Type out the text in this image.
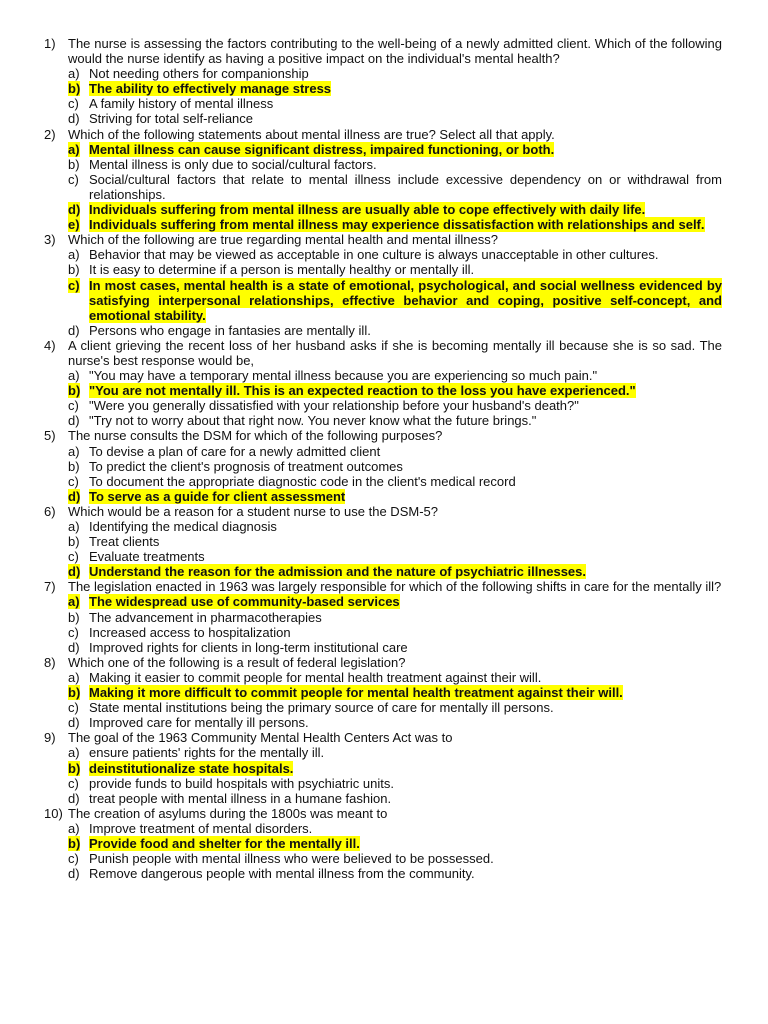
1) The nurse is assessing the factors contributing to the well-being of a newly admitted client. Which of the following would the nurse identify as having a positive impact on the individual's mental health?
a) Not needing others for companionship
b) The ability to effectively manage stress
c) A family history of mental illness
d) Striving for total self-reliance
2) Which of the following statements about mental illness are true? Select all that apply.
a) Mental illness can cause significant distress, impaired functioning, or both.
b) Mental illness is only due to social/cultural factors.
c) Social/cultural factors that relate to mental illness include excessive dependency on or withdrawal from relationships.
d) Individuals suffering from mental illness are usually able to cope effectively with daily life.
e) Individuals suffering from mental illness may experience dissatisfaction with relationships and self.
3) Which of the following are true regarding mental health and mental illness?
a) Behavior that may be viewed as acceptable in one culture is always unacceptable in other cultures.
b) It is easy to determine if a person is mentally healthy or mentally ill.
c) In most cases, mental health is a state of emotional, psychological, and social wellness evidenced by satisfying interpersonal relationships, effective behavior and coping, positive self-concept, and emotional stability.
d) Persons who engage in fantasies are mentally ill.
4) A client grieving the recent loss of her husband asks if she is becoming mentally ill because she is so sad. The nurse's best response would be,
a) "You may have a temporary mental illness because you are experiencing so much pain."
b) "You are not mentally ill. This is an expected reaction to the loss you have experienced."
c) "Were you generally dissatisfied with your relationship before your husband's death?"
d) "Try not to worry about that right now. You never know what the future brings."
5) The nurse consults the DSM for which of the following purposes?
a) To devise a plan of care for a newly admitted client
b) To predict the client's prognosis of treatment outcomes
c) To document the appropriate diagnostic code in the client's medical record
d) To serve as a guide for client assessment
6) Which would be a reason for a student nurse to use the DSM-5?
a) Identifying the medical diagnosis
b) Treat clients
c) Evaluate treatments
d) Understand the reason for the admission and the nature of psychiatric illnesses.
7) The legislation enacted in 1963 was largely responsible for which of the following shifts in care for the mentally ill?
a) The widespread use of community-based services
b) The advancement in pharmacotherapies
c) Increased access to hospitalization
d) Improved rights for clients in long-term institutional care
8) Which one of the following is a result of federal legislation?
a) Making it easier to commit people for mental health treatment against their will.
b) Making it more difficult to commit people for mental health treatment against their will.
c) State mental institutions being the primary source of care for mentally ill persons.
d) Improved care for mentally ill persons.
9) The goal of the 1963 Community Mental Health Centers Act was to
a) ensure patients' rights for the mentally ill.
b) deinstitutionalize state hospitals.
c) provide funds to build hospitals with psychiatric units.
d) treat people with mental illness in a humane fashion.
10) The creation of asylums during the 1800s was meant to
a) Improve treatment of mental disorders.
b) Provide food and shelter for the mentally ill.
c) Punish people with mental illness who were believed to be possessed.
d) Remove dangerous people with mental illness from the community.
